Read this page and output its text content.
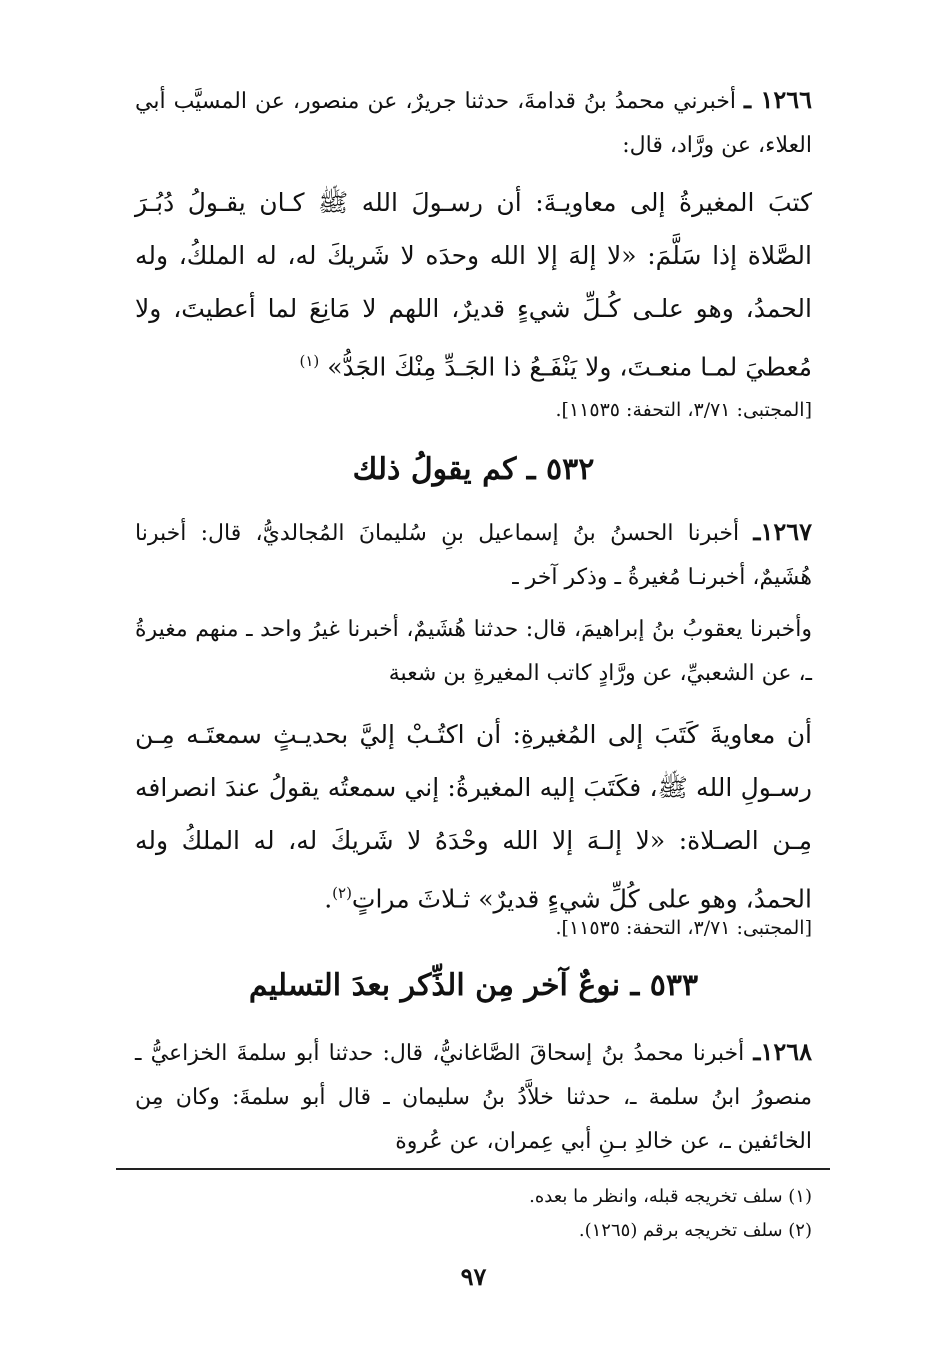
١٢٦٦ ـ أخبرني محمدُ بنُ قدامةَ، حدثنا جريرٌ، عن منصور، عن المسيَّب أبي العلاء، عن ورَّاد، قال:
كتبَ المغيرةُ إلى معاويـةَ: أن رسـولَ الله ﷺ كـان يقـولُ دُبُـرَ الصَّلاة إذا سَلَّمَ: «لا إلهَ إلا الله وحدَه لا شَريكَ له، له الملكُ، وله الحمدُ، وهو علـى كُـلِّ شيءٍ قديرٌ، اللهم لا مَانِعَ لما أعطيتَ، ولا مُعطيَ لمـا منعـتَ، ولا يَنْفَـعُ ذا الجَـدِّ مِنْكَ الجَدُّ» $^{(١)}$
[المجتبى: ٣/٧١، التحفة: ١١٥٣٥].
٥٣٢ ـ كم يقولُ ذلك
١٢٦٧ـ أخبرنا الحسنُ بنُ إسماعيل بنِ سُليمانَ المُجالديُّ، قال: أخبرنا هُشَيمٌ، أخبرنـا مُغيرةُ ـ وذكر آخر ـ
وأخبرنا يعقوبُ بنُ إبراهيمَ، قال: حدثنا هُشَيمٌ، أخبرنا غيرُ واحد ـ منهم مغيرةُ ـ، عن الشعبيِّ، عن ورَّادٍ كاتب المغيرةِ بن شعبة
أن معاويةَ كَتَبَ إلى المُغيرةِ: أن اكتُـبْ إليَّ بحديـثٍ سمعتَـه مِـن رسـولِ الله ﷺ، فكَتَبَ إليه المغيرةُ: إني سمعتُه يقولُ عندَ انصرافه مِـن الصـلاة: «لا إلـهَ إلا الله وحْدَهُ لا شَريكَ له، له الملكُ وله الحمدُ، وهو على كُلِّ شيءٍ قديرٌ» ثـلاثَ مراتٍ$^{(٢)}$.
[المجتبى: ٣/٧١، التحفة: ١١٥٣٥].
٥٣٣ ـ نوعٌ آخر مِن الذِّكر بعدَ التسليم
١٢٦٨ـ أخبرنا محمدُ بنُ إسحاقَ الصَّاغانيُّ، قال: حدثنا أبو سلمةَ الخزاعيُّ ـ منصورُ ابنُ سلمة ـ، حدثنا خلاَّدُ بنُ سليمان ـ قال أبو سلمةَ: وكان مِن الخائفين ـ، عن خالدِ بـنِ أبي عِمران، عن عُروة
(١) سلف تخريجه قبله، وانظر ما بعده.
(٢) سلف تخريجه برقم (١٢٦٥).
٩٧
